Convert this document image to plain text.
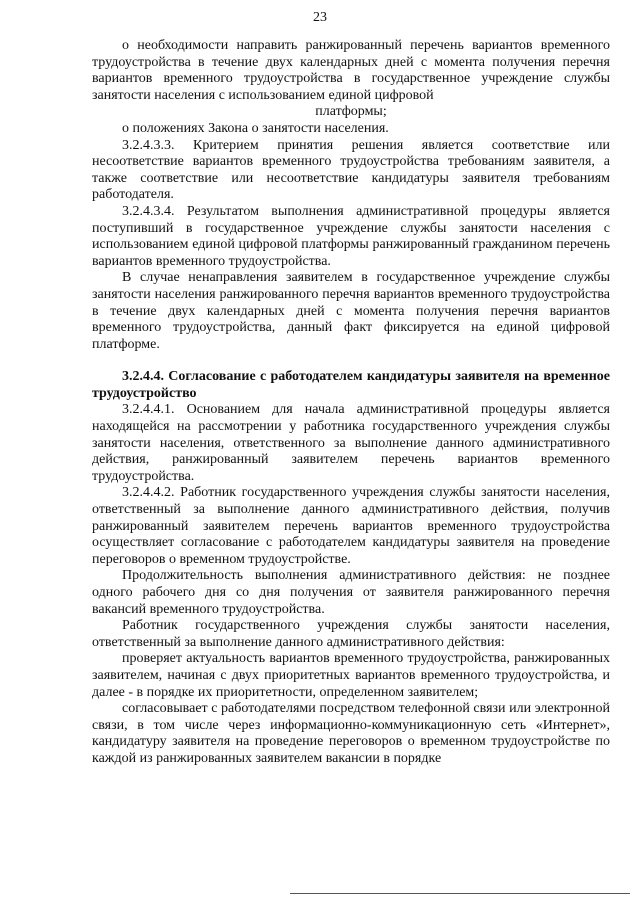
23

о необходимости направить ранжированный перечень вариантов временного трудоустройства в течение двух календарных дней с момента получения перечня вариантов временного трудоустройства в государственное учреждение службы занятости населения с использованием единой цифровой

платформы;

о положениях Закона о занятости населения.

3.2.4.3.3. Критерием принятия решения является соответствие или несоответствие вариантов временного трудоустройства требованиям заявителя, а также соответствие или несоответствие кандидатуры заявителя требованиям работодателя.

3.2.4.3.4. Результатом выполнения административной процедуры является поступивший в государственное учреждение службы занятости населения с использованием единой цифровой платформы ранжированный гражданином перечень вариантов временного трудоустройства.

В случае ненаправления заявителем в государственное учреждение службы занятости населения ранжированного перечня вариантов временного трудоустройства в течение двух календарных дней с момента получения перечня вариантов временного трудоустройства, данный факт фиксируется на единой цифровой платформе.

3.2.4.4. Согласование с работодателем кандидатуры заявителя на временное трудоустройство

3.2.4.4.1. Основанием для начала административной процедуры является находящейся на рассмотрении у работника государственного учреждения службы занятости населения, ответственного за выполнение данного административного действия, ранжированный заявителем перечень вариантов временного трудоустройства.

3.2.4.4.2. Работник государственного учреждения службы занятости населения, ответственный за выполнение данного административного действия, получив ранжированный заявителем перечень вариантов временного трудоустройства осуществляет согласование с работодателем кандидатуры заявителя на проведение переговоров о временном трудоустройстве.

Продолжительность выполнения административного действия: не позднее одного рабочего дня со дня получения от заявителя ранжированного перечня вакансий временного трудоустройства.

Работник государственного учреждения службы занятости населения, ответственный за выполнение данного административного действия:

проверяет актуальность вариантов временного трудоустройства, ранжированных заявителем, начиная с двух приоритетных вариантов временного трудоустройства, и далее - в порядке их приоритетности, определенном заявителем;

согласовывает с работодателями посредством телефонной связи или электронной связи, в том числе через информационно-коммуникационную сеть «Интернет», кандидатуру заявителя на проведение переговоров о временном трудоустройстве по каждой из ранжированных заявителем вакансии в порядке
